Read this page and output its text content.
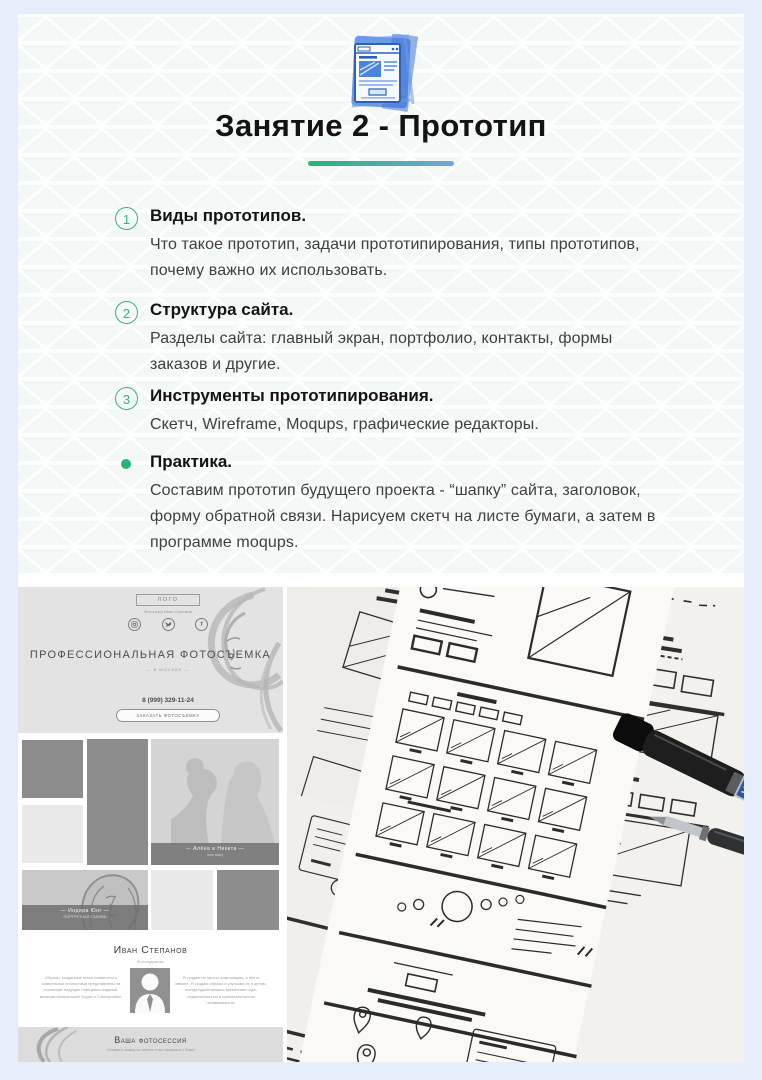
Занятие 2 - Прототип
1	Виды прототипов.
Что такое прототип, задачи прототипирования, типы прототипов, почему важно их использовать.
2	Структура сайта.
Разделы сайта: главный экран, портфолио, контакты, формы заказов и другие.
3	Инструменты прототипирования.
Скетч, Wireframe, Moqups, графические редакторы.
Практика.
Составим прототип будущего проекта - “шапку” сайта, заголовок, форму обратной связи. Нарисуем скетч на листе бумаги, а затем в программе moqups.
ЛОГО
Фотограф Иван Стрелков
f
ПРОФЕССИОНАЛЬНАЯ ФОТОСЪЕМКА
— В МОСКВЕ —
8 (999) 329-11-24
ЗАКАЗАТЬ ФОТОСЪЕМКУ
— Алёна и Никита —
love story
— Индира Юнг —
ПОРТРЕТНАЯ СЪЕМКА
Иван Степанов
Фотохудожник
Образы, созданные мною совместно с известными личностями представлены на страницах ведущих глянцевых изданий, включая итальянский Vogue и Cosmopolitan.
Я создаю не просто композицию, а нечто свежее. Я создаю образы и улучшаю их в целом, всегда вдохновляясь временами года, педантичностью и прагматичностью независимости.
Ваша фотосессия
Оставьте заявку на звонок и мы свяжемся с Вами
